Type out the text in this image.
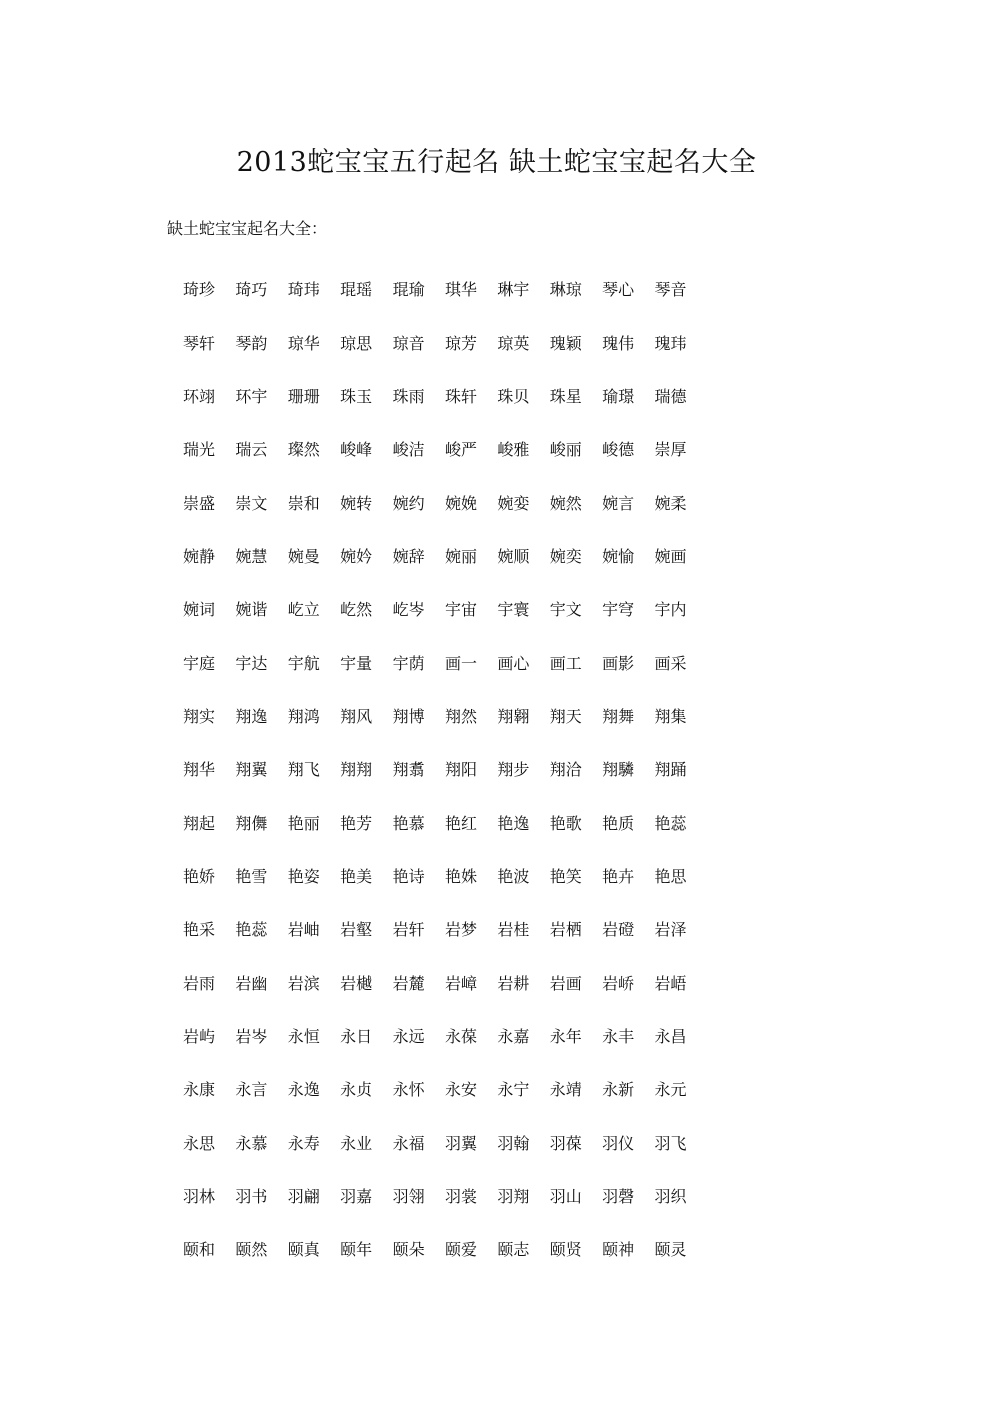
2013蛇宝宝五行起名 缺土蛇宝宝起名大全
缺土蛇宝宝起名大全：
琦珍	琦巧	琦玮	琨瑶	琨瑜	琪华	琳宇	琳琼	琴心	琴音
琴轩	琴韵	琼华	琼思	琼音	琼芳	琼英	瑰颖	瑰伟	瑰玮
环翊	环宇	珊珊	珠玉	珠雨	珠轩	珠贝	珠星	瑜璟	瑞德
瑞光	瑞云	璨然	峻峰	峻洁	峻严	峻雅	峻丽	峻德	崇厚
崇盛	崇文	崇和	婉转	婉约	婉娩	婉娈	婉然	婉言	婉柔
婉静	婉慧	婉曼	婉妗	婉辞	婉丽	婉顺	婉奕	婉愉	婉画
婉词	婉谐	屹立	屹然	屹岑	宇宙	宇寰	宇文	宇穹	宇内
宇庭	宇达	宇航	宇量	宇荫	画一	画心	画工	画影	画采
翔实	翔逸	翔鸿	翔风	翔博	翔然	翔翱	翔天	翔舞	翔集
翔华	翔翼	翔飞	翔翔	翔翥	翔阳	翔步	翔洽	翔驎	翔踊
翔起	翔儛	艳丽	艳芳	艳慕	艳红	艳逸	艳歌	艳质	艳蕊
艳娇	艳雪	艳姿	艳美	艳诗	艳姝	艳波	艳笑	艳卉	艳思
艳采	艳蕊	岩岫	岩壑	岩轩	岩梦	岩桂	岩栖	岩磴	岩泽
岩雨	岩幽	岩滨	岩樾	岩麓	岩嶂	岩耕	岩画	岩峤	岩峿
岩屿	岩岑	永恒	永日	永远	永葆	永嘉	永年	永丰	永昌
永康	永言	永逸	永贞	永怀	永安	永宁	永靖	永新	永元
永思	永慕	永寿	永业	永福	羽翼	羽翰	羽葆	羽仪	羽飞
羽林	羽书	羽翩	羽嘉	羽翎	羽裳	羽翔	羽山	羽磬	羽织
颐和	颐然	颐真	颐年	颐朵	颐爱	颐志	颐贤	颐神	颐灵
